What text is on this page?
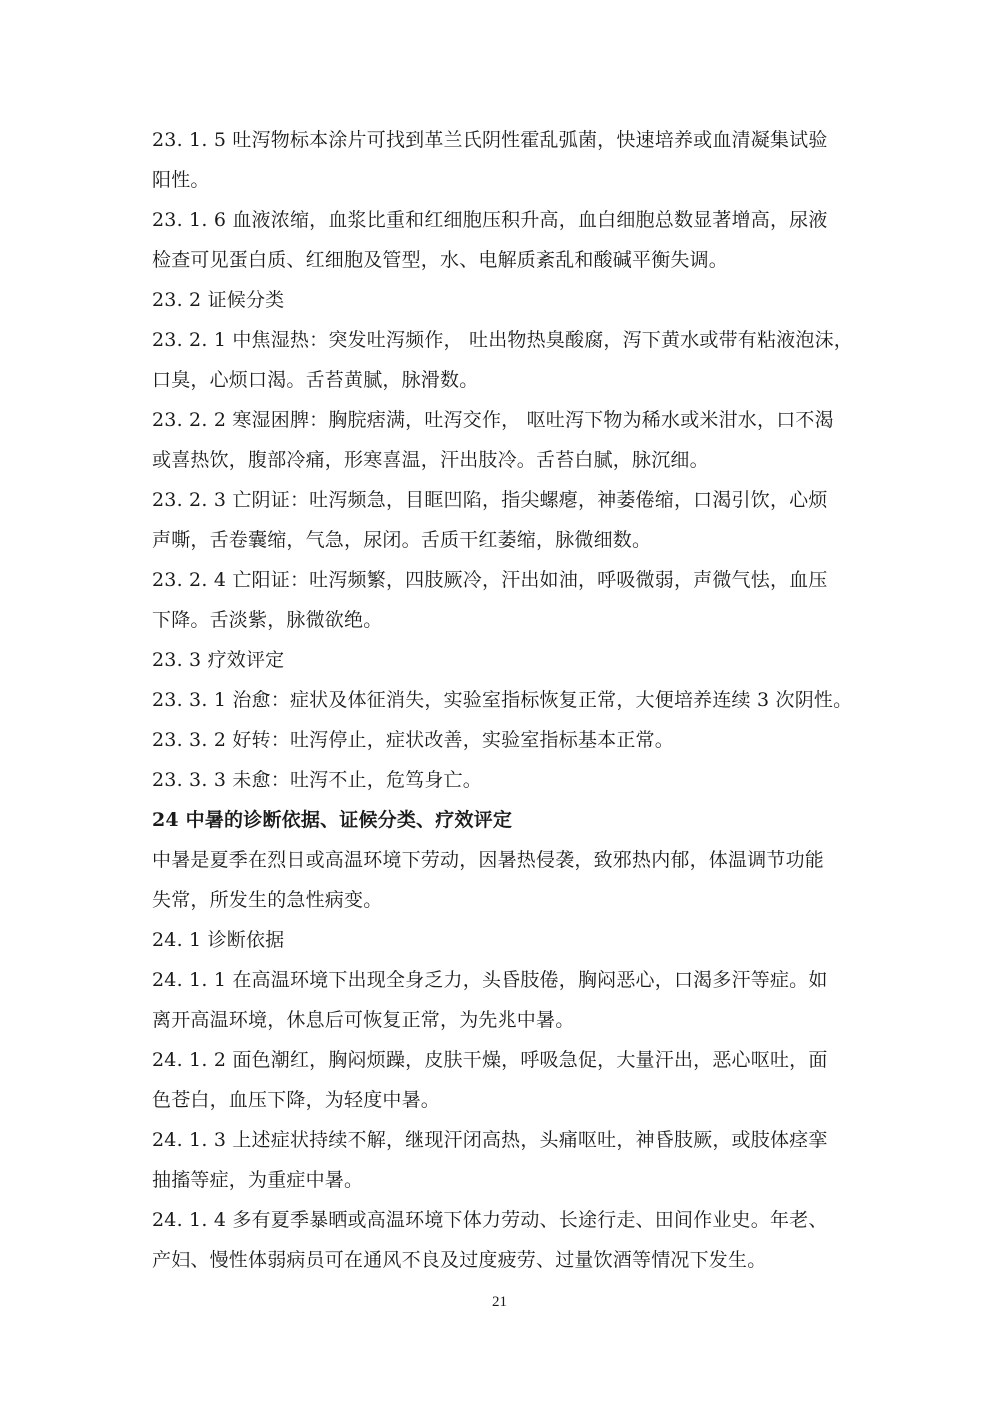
23. 1. 5 吐泻物标本涂片可找到革兰氏阴性霍乱弧菌，快速培养或血清凝集试验
阳性。
23. 1. 6 血液浓缩，血浆比重和红细胞压积升高，血白细胞总数显著增高，尿液
检查可见蛋白质、红细胞及管型，水、电解质紊乱和酸碱平衡失调。
23. 2 证候分类
23. 2. 1 中焦湿热：突发吐泻频作， 吐出物热臭酸腐，泻下黄水或带有粘液泡沫，
口臭，心烦口渴。舌苔黄腻，脉滑数。
23. 2. 2 寒湿困脾：胸脘痞满，吐泻交作， 呕吐泻下物为稀水或米泔水，口不渴
或喜热饮，腹部冷痛，形寒喜温，汗出肢冷。舌苔白腻，脉沉细。
23. 2. 3 亡阴证：吐泻频急，目眶凹陷，指尖螺瘪，神萎倦缩，口渴引饮，心烦
声嘶，舌卷囊缩，气急，尿闭。舌质干红萎缩，脉微细数。
23. 2. 4 亡阳证：吐泻频繁，四肢厥冷，汗出如油，呼吸微弱，声微气怯，血压
下降。舌淡紫，脉微欲绝。
23. 3 疗效评定
23. 3. 1 治愈：症状及体征消失，实验室指标恢复正常，大便培养连续 3 次阴性。
23. 3. 2 好转：吐泻停止，症状改善，实验室指标基本正常。
23. 3. 3 未愈：吐泻不止，危笃身亡。
24 中暑的诊断依据、证候分类、疗效评定
中暑是夏季在烈日或高温环境下劳动，因暑热侵袭，致邪热内郁，体温调节功能
失常，所发生的急性病变。
24. 1 诊断依据
24. 1. 1 在高温环境下出现全身乏力，头昏肢倦，胸闷恶心，口渴多汗等症。如
离开高温环境，休息后可恢复正常，为先兆中暑。
24. 1. 2 面色潮红，胸闷烦躁，皮肤干燥，呼吸急促，大量汗出，恶心呕吐，面
色苍白，血压下降，为轻度中暑。
24. 1. 3 上述症状持续不解，继现汗闭高热，头痛呕吐，神昏肢厥，或肢体痉挛
抽搐等症，为重症中暑。
24. 1. 4 多有夏季暴晒或高温环境下体力劳动、长途行走、田间作业史。年老、
产妇、慢性体弱病员可在通风不良及过度疲劳、过量饮酒等情况下发生。
21
